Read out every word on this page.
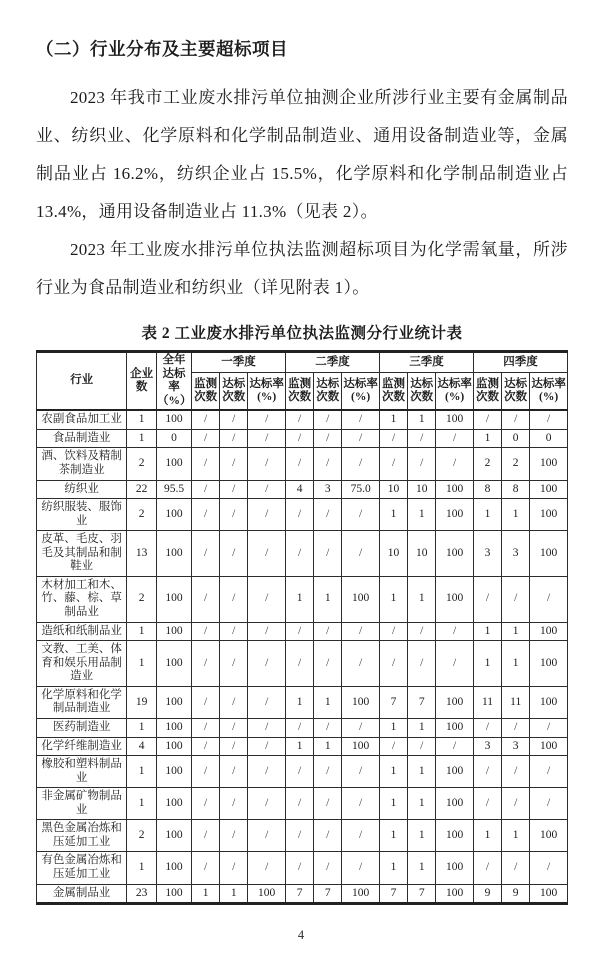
（二）行业分布及主要超标项目

2023 年我市工业废水排污单位抽测企业所涉行业主要有金属制品业、纺织业、化学原料和化学制品制造业、通用设备制造业等，金属制品业占 16.2%，纺织企业占 15.5%，化学原料和化学制品制造业占 13.4%，通用设备制造业占 11.3%（见表 2）。

2023 年工业废水排污单位执法监测超标项目为化学需氧量，所涉行业为食品制造业和纺织业（详见附表 1）。

表 2 工业废水排污单位执法监测分行业统计表
行业	企业数	全年达标率（%）	一季度			二季度			三季度			四季度		
			监测次数	达标次数	达标率(%)	监测次数	达标次数	达标率(%)	监测次数	达标次数	达标率(%)	监测次数	达标次数	达标率(%)
农副食品加工业	1	100	/	/	/	/	/	/	1	1	100	/	/	/
食品制造业	1	0	/	/	/	/	/	/	/	/	/	1	0	0
酒、饮料及精制茶制造业	2	100	/	/	/	/	/	/	/	/	/	2	2	100
纺织业	22	95.5	/	/	/	4	3	75.0	10	10	100	8	8	100
纺织服装、服饰业	2	100	/	/	/	/	/	/	1	1	100	1	1	100
皮革、毛皮、羽毛及其制品和制鞋业	13	100	/	/	/	/	/	/	10	10	100	3	3	100
木材加工和木、竹、藤、棕、草制品业	2	100	/	/	/	1	1	100	1	1	100	/	/	/
造纸和纸制品业	1	100	/	/	/	/	/	/	/	/	/	1	1	100
文教、工美、体育和娱乐用品制造业	1	100	/	/	/	/	/	/	/	/	/	1	1	100
化学原料和化学制品制造业	19	100	/	/	/	1	1	100	7	7	100	11	11	100
医药制造业	1	100	/	/	/	/	/	/	1	1	100	/	/	/
化学纤维制造业	4	100	/	/	/	1	1	100	/	/	/	3	3	100
橡胶和塑料制品业	1	100	/	/	/	/	/	/	1	1	100	/	/	/
非金属矿物制品业	1	100	/	/	/	/	/	/	1	1	100	/	/	/
黑色金属冶炼和压延加工业	2	100	/	/	/	/	/	/	1	1	100	1	1	100
有色金属冶炼和压延加工业	1	100	/	/	/	/	/	/	1	1	100	/	/	/
金属制品业	23	100	1	1	100	7	7	100	7	7	100	9	9	100
4
